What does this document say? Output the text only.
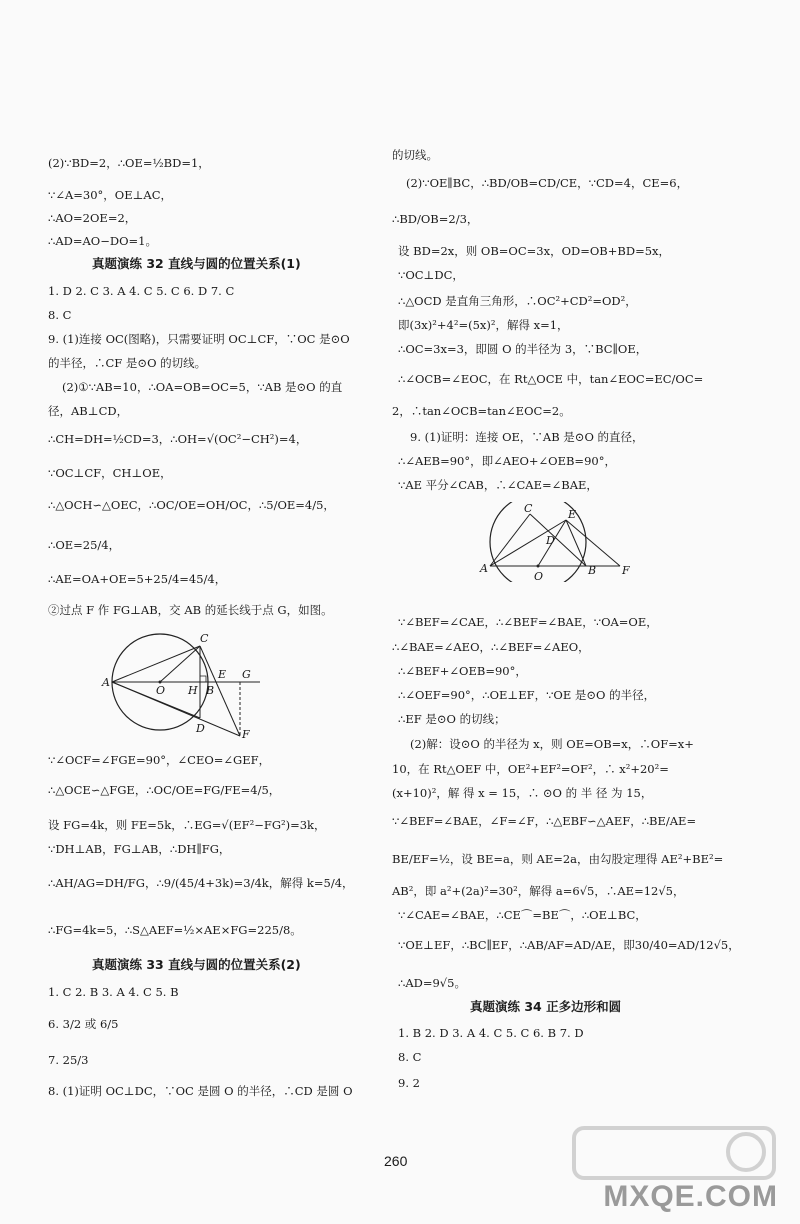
(2)∵BD=2，∴OE=½BD=1，
∵∠A=30°，OE⊥AC，
∴AO=2OE=2，
∴AD=AO−DO=1。
真题演练 32 直线与圆的位置关系(1)
1. D 2. C 3. A 4. C 5. C 6. D 7. C
8. C
9. (1)连接 OC(图略)，只需要证明 OC⊥CF，∵OC 是⊙O
的半径，∴CF 是⊙O 的切线。
(2)①∵AB=10，∴OA=OB=OC=5，∵AB 是⊙O 的直
径，AB⊥CD，
∴CH=DH=½CD=3，∴OH=√(OC²−CH²)=4，
∵OC⊥CF，CH⊥OE，
∴△OCH∽△OEC，∴OC/OE=OH/OC，∴5/OE=4/5，
∴OE=25/4，
∴AE=OA+OE=5+25/4=45/4，
②过点 F 作 FG⊥AB，交 AB 的延长线于点 G，如图。
A
O H B
E G
C
D	F
∵∠OCF=∠FGE=90°，∠CEO=∠GEF，
∴△OCE∽△FGE，∴OC/OE=FG/FE=4/5，
设 FG=4k，则 FE=5k，∴EG=√(EF²−FG²)=3k，
∵DH⊥AB，FG⊥AB，∴DH∥FG，
∴AH/AG=DH/FG，∴9/(45/4+3k)=3/4k，解得 k=5/4，
∴FG=4k=5，∴S△AEF=½×AE×FG=225/8。
真题演练 33 直线与圆的位置关系(2)
1. C 2. B 3. A 4. C 5. B
6. 3/2 或 6/5
7. 25/3
8. (1)证明 OC⊥DC，∵OC 是圆 O 的半径，∴CD 是圆 O
的切线。
(2)∵OE∥BC，∴BD/OB=CD/CE，∵CD=4，CE=6，
∴BD/OB=2/3，
设 BD=2x，则 OB=OC=3x，OD=OB+BD=5x，
∵OC⊥DC，
∴△OCD 是直角三角形，∴OC²+CD²=OD²，
即(3x)²+4²=(5x)²，解得 x=1，
∴OC=3x=3，即圆 O 的半径为 3，∵BC∥OE，
∴∠OCB=∠EOC，在 Rt△OCE 中，tan∠EOC=EC/OC=
2，∴tan∠OCB=tan∠EOC=2。
9. (1)证明：连接 OE，∵AB 是⊙O 的直径，
∴∠AEB=90°，即∠AEO+∠OEB=90°，
∵AE 平分∠CAB，∴∠CAE=∠BAE，
C	E
D
A
O	B F
∵∠BEF=∠CAE，∴∠BEF=∠BAE，∵OA=OE，
∴∠BAE=∠AEO，∴∠BEF=∠AEO，
∴∠BEF+∠OEB=90°，
∴∠OEF=90°，∴OE⊥EF，∵OE 是⊙O 的半径，
∴EF 是⊙O 的切线；
(2)解：设⊙O 的半径为 x，则 OE=OB=x，∴OF=x+
10，在 Rt△OEF 中，OE²+EF²=OF²，∴ x²+20²=
(x+10)²，解 得 x = 15，∴ ⊙O 的 半 径 为 15，
∵∠BEF=∠BAE，∠F=∠F，∴△EBF∽△AEF，∴BE/AE=
BE/EF=½，设 BE=a，则 AE=2a，由勾股定理得 AE²+BE²=
AB²，即 a²+(2a)²=30²，解得 a=6√5，∴AE=12√5，
∵∠CAE=∠BAE，∴CE⌒=BE⌒，∴OE⊥BC，
∵OE⊥EF，∴BC∥EF，∴AB/AF=AD/AE，即30/40=AD/12√5，
∴AD=9√5。
真题演练 34 正多边形和圆
1. B 2. D 3. A 4. C 5. C 6. B 7. D
8. C
9. 2
260
MXQE.COM
